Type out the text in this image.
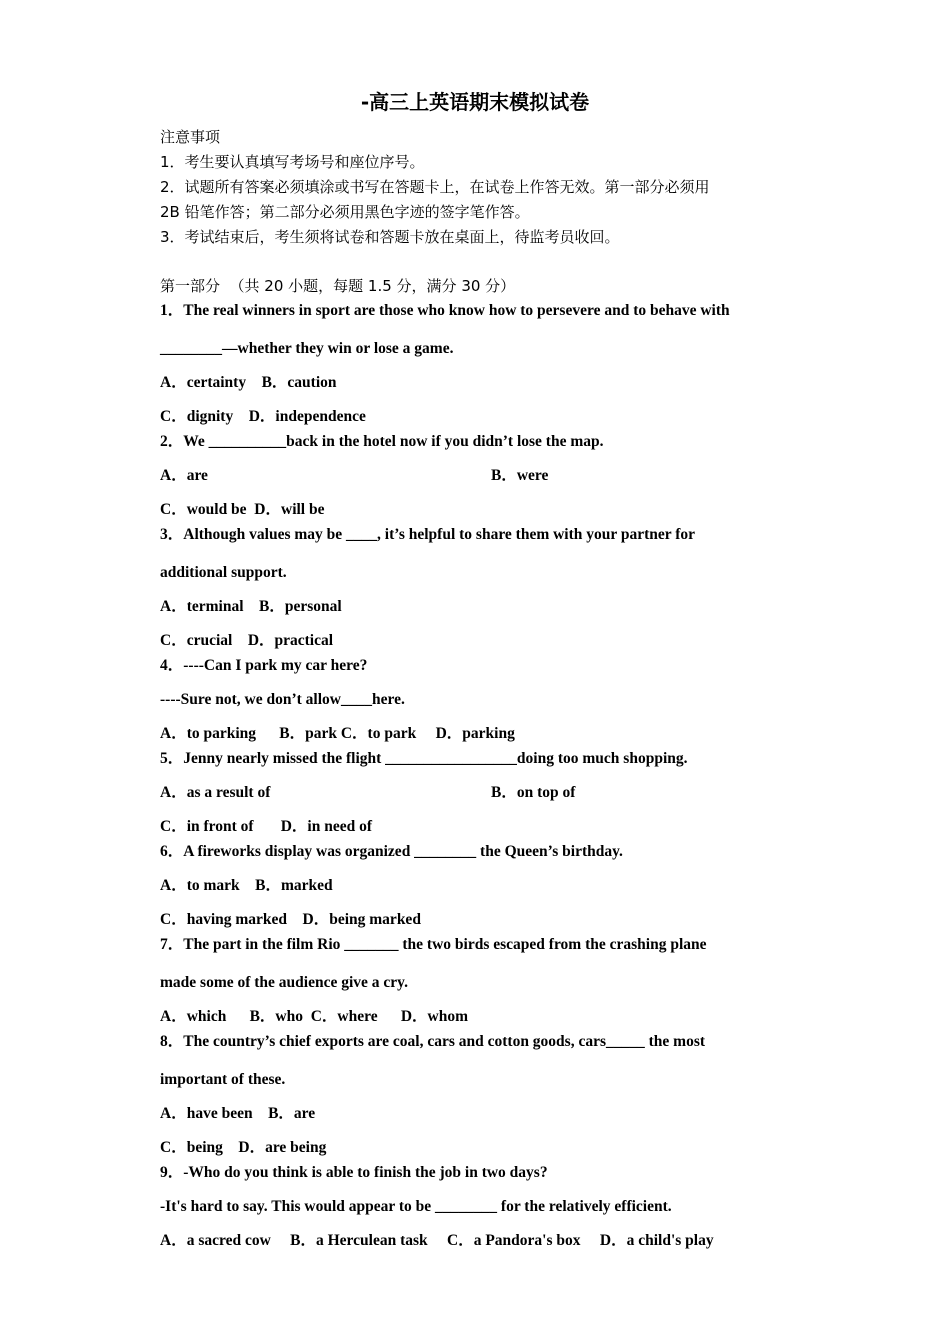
-高三上英语期末模拟试卷
注意事项
1．考生要认真填写考场号和座位序号。
2．试题所有答案必须填涂或书写在答题卡上，在试卷上作答无效。第一部分必须用
2B 铅笔作答；第二部分必须用黑色字迹的签字笔作答。
3．考试结束后，考生须将试卷和答题卡放在桌面上，待监考员收回。
第一部分  （共 20 小题，每题 1.5 分，满分 30 分）
1．The real winners in sport are those who know how to persevere and to behave with
________—whether they win or lose a game.
A．certainty    B．caution
C．dignity    D．independence
2．We __________back in the hotel now if you didn’t lose the map.
A．are	B．were
C．would be  D．will be
3．Although values may be ____, it’s helpful to share them with your partner for
additional support.
A．terminal    B．personal
C．crucial    D．practical
4．----Can I park my car here?
----Sure not, we don’t allow____here.
A．to parking      B．park C．to park     D．parking
5．Jenny nearly missed the flight _________________doing too much shopping.
A．as a result of	B．on top of
C．in front of       D．in need of
6．A fireworks display was organized ________ the Queen’s birthday.
A．to mark    B．marked
C．having marked    D．being marked
7．The part in the film Rio _______ the two birds escaped from the crashing plane
made some of the audience give a cry.
A．which      B．who  C．where      D．whom
8．The country’s chief exports are coal, cars and cotton goods, cars_____ the most
important of these.
A．have been    B．are
C．being    D．are being
9．-Who do you think is able to finish the job in two days?
-It's hard to say. This would appear to be ________ for the relatively efficient.
A．a sacred cow     B．a Herculean task     C．a Pandora's box     D．a child's play
